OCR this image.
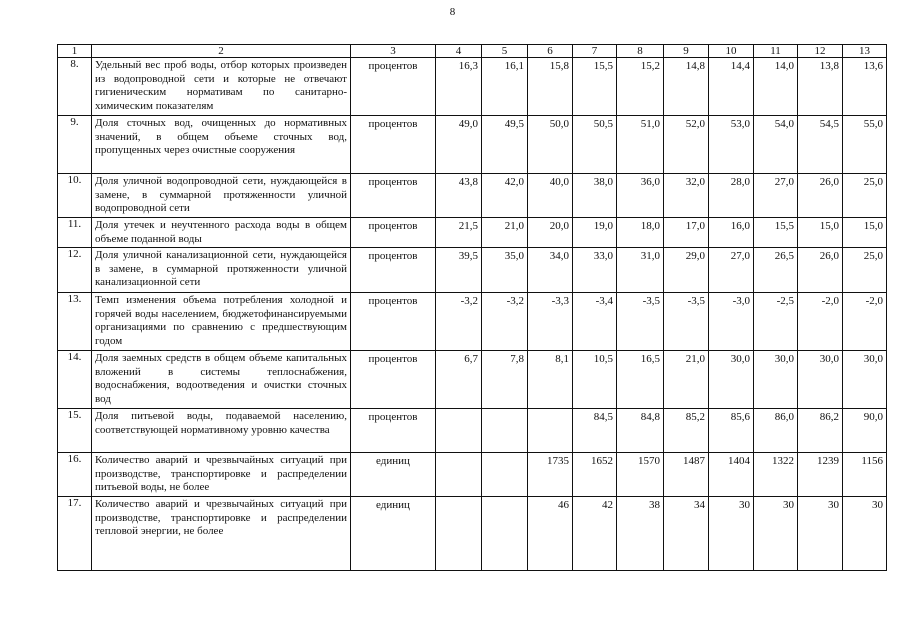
8
1	2	3	4	5	6	7	8	9	10	11	12	13
8.	Удельный вес проб воды, отбор которых произведен из водопроводной сети и которые не отвечают гигиеническим нормативам по санитарно-химическим показателям	процентов	16,3	16,1	15,8	15,5	15,2	14,8	14,4	14,0	13,8	13,6
9.	Доля сточных вод, очищенных до нормативных значений, в общем объеме сточных вод, пропущенных через очистные сооружения	процентов	49,0	49,5	50,0	50,5	51,0	52,0	53,0	54,0	54,5	55,0
10.	Доля уличной водопроводной сети, нуждающейся в замене, в суммарной протяженности уличной водопроводной сети	процентов	43,8	42,0	40,0	38,0	36,0	32,0	28,0	27,0	26,0	25,0
11.	Доля утечек и неучтенного расхода воды в общем объеме поданной воды	процентов	21,5	21,0	20,0	19,0	18,0	17,0	16,0	15,5	15,0	15,0
12.	Доля уличной канализационной сети, нуждающейся в замене, в суммарной протяженности уличной канализационной сети	процентов	39,5	35,0	34,0	33,0	31,0	29,0	27,0	26,5	26,0	25,0
13.	Темп изменения объема потребления холодной и горячей воды населением, бюджетофинансируемыми организациями по сравнению с предшествующим годом	процентов	-3,2	-3,2	-3,3	-3,4	-3,5	-3,5	-3,0	-2,5	-2,0	-2,0
14.	Доля заемных средств в общем объеме капитальных вложений в системы теплоснабжения, водоснабжения, водоотведения и очистки сточных вод	процентов	6,7	7,8	8,1	10,5	16,5	21,0	30,0	30,0	30,0	30,0
15.	Доля питьевой воды, подаваемой населению, соответствующей нормативному уровню качества	процентов				84,5	84,8	85,2	85,6	86,0	86,2	90,0
16.	Количество аварий и чрезвычайных ситуаций при производстве, транспортировке и распределении питьевой воды, не более	единиц			1735	1652	1570	1487	1404	1322	1239	1156
17.	Количество аварий и чрезвычайных ситуаций при производстве, транспортировке и распределении тепловой энергии, не более	единиц			46	42	38	34	30	30	30	30
